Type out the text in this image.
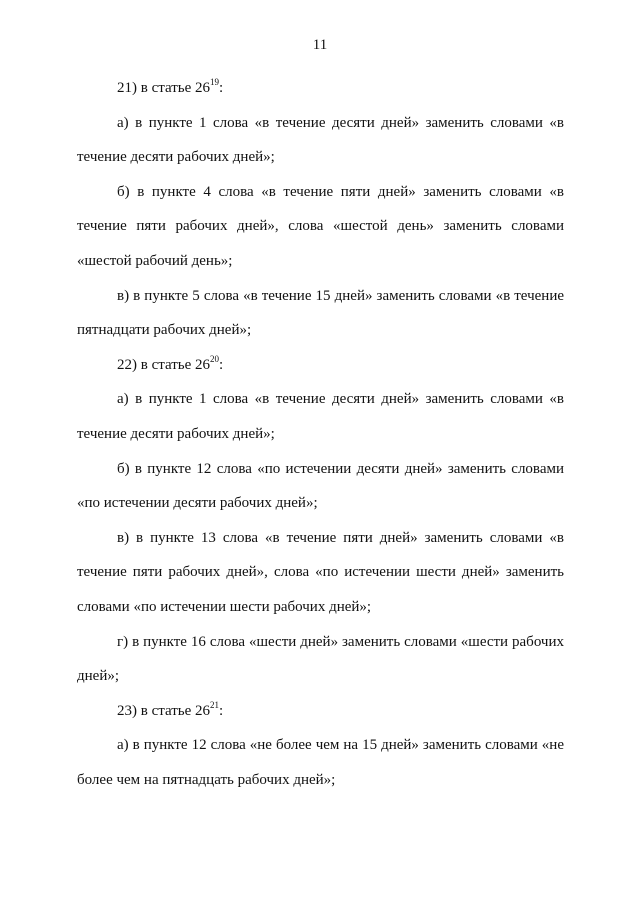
11

21) в статье $26^{19}$:

а) в пункте 1 слова «в течение десяти дней» заменить словами «в течение десяти рабочих дней»;

б) в пункте 4 слова «в течение пяти дней» заменить словами «в течение пяти рабочих дней», слова «шестой день» заменить словами «шестой рабочий день»;

в) в пункте 5 слова «в течение 15 дней» заменить словами «в течение пятнадцати рабочих дней»;

22) в статье $26^{20}$:

а) в пункте 1 слова «в течение десяти дней» заменить словами «в течение десяти рабочих дней»;

б) в пункте 12 слова «по истечении десяти дней» заменить словами «по истечении десяти рабочих дней»;

в) в пункте 13 слова «в течение пяти дней» заменить словами «в течение пяти рабочих дней», слова «по истечении шести дней» заменить словами «по истечении шести рабочих дней»;

г) в пункте 16 слова «шести дней» заменить словами «шести рабочих дней»;

23) в статье $26^{21}$:

а) в пункте 12 слова «не более чем на 15 дней» заменить словами «не более чем на пятнадцать рабочих дней»;
